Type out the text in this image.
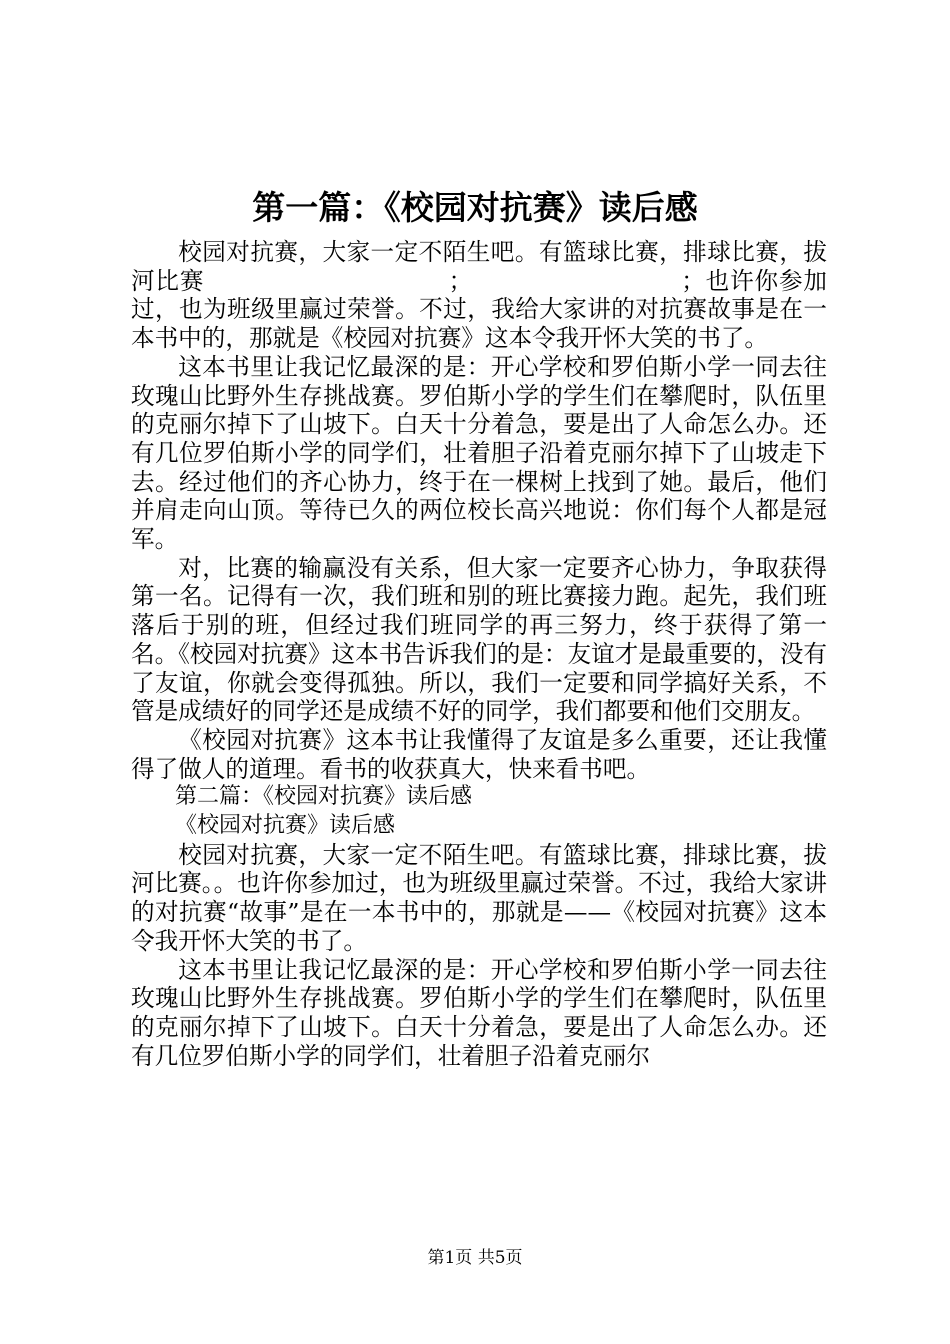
第一篇：《校园对抗赛》读后感

校园对抗赛，大家一定不陌生吧。有篮球比赛，排球比赛，拔河比赛　　　　　　　　　　；　　　　　　　　　；也许你参加过，也为班级里赢过荣誉。不过，我给大家讲的对抗赛故事是在一本书中的，那就是《校园对抗赛》这本令我开怀大笑的书了。

这本书里让我记忆最深的是：开心学校和罗伯斯小学一同去往玫瑰山比野外生存挑战赛。罗伯斯小学的学生们在攀爬时，队伍里的克丽尔掉下了山坡下。白天十分着急，要是出了人命怎么办。还有几位罗伯斯小学的同学们，壮着胆子沿着克丽尔掉下了山坡走下去。经过他们的齐心协力，终于在一棵树上找到了她。最后，他们并肩走向山顶。等待已久的两位校长高兴地说：你们每个人都是冠军。

对，比赛的输赢没有关系，但大家一定要齐心协力，争取获得第一名。记得有一次，我们班和别的班比赛接力跑。起先，我们班落后于别的班，但经过我们班同学的再三努力，终于获得了第一名。《校园对抗赛》这本书告诉我们的是：友谊才是最重要的，没有了友谊，你就会变得孤独。所以，我们一定要和同学搞好关系，不管是成绩好的同学还是成绩不好的同学，我们都要和他们交朋友。

《校园对抗赛》这本书让我懂得了友谊是多么重要，还让我懂得了做人的道理。看书的收获真大，快来看书吧。

第二篇：《校园对抗赛》读后感

《校园对抗赛》读后感

校园对抗赛，大家一定不陌生吧。有篮球比赛，排球比赛，拔河比赛。。也许你参加过，也为班级里赢过荣誉。不过，我给大家讲的对抗赛“故事”是在一本书中的，那就是——《校园对抗赛》这本令我开怀大笑的书了。

这本书里让我记忆最深的是：开心学校和罗伯斯小学一同去往玫瑰山比野外生存挑战赛。罗伯斯小学的学生们在攀爬时，队伍里的克丽尔掉下了山坡下。白天十分着急，要是出了人命怎么办。还有几位罗伯斯小学的同学们，壮着胆子沿着克丽尔

第1页 共5页
